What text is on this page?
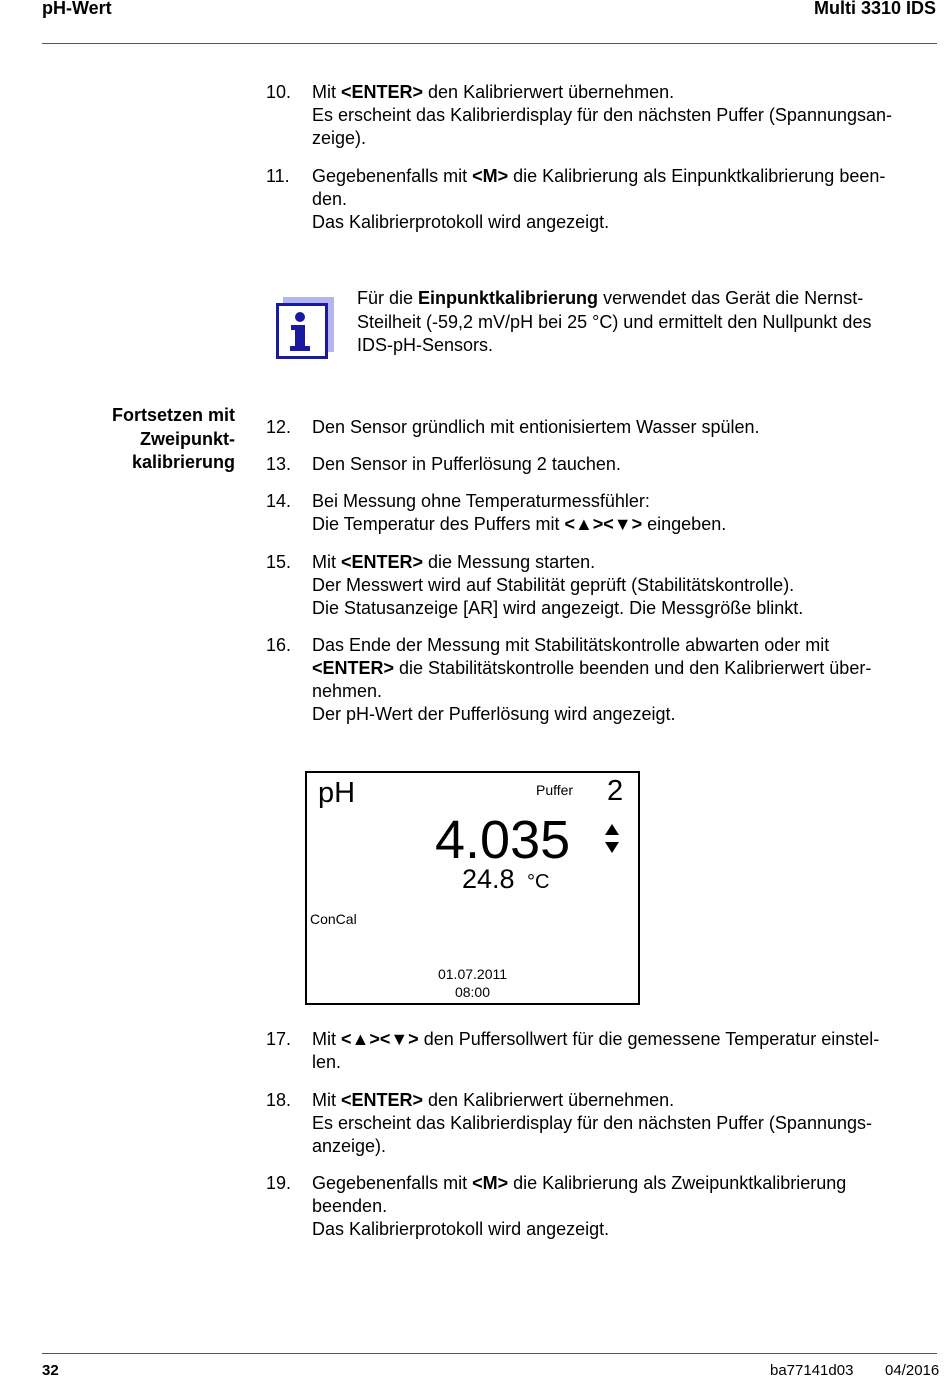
pH-Wert	Multi 3310 IDS
10.	Mit <ENTER> den Kalibrierwert übernehmen.
Es erscheint das Kalibrierdisplay für den nächsten Puffer (Spannungsan-
zeige).
11.	Gegebenenfalls mit <M> die Kalibrierung als Einpunktkalibrierung been-
den.
Das Kalibrierprotokoll wird angezeigt.
Für die Einpunktkalibrierung verwendet das Gerät die Nernst-
Steilheit (-59,2 mV/pH bei 25 °C) und ermittelt den Nullpunkt des
IDS-pH-Sensors.
Fortsetzen mit
Zweipunkt-
kalibrierung
12.	Den Sensor gründlich mit entionisiertem Wasser spülen.
13.	Den Sensor in Pufferlösung 2 tauchen.
14.	Bei Messung ohne Temperaturmessfühler:
Die Temperatur des Puffers mit <▲><▼> eingeben.
15.	Mit <ENTER> die Messung starten.
Der Messwert wird auf Stabilität geprüft (Stabilitätskontrolle).
Die Statusanzeige [AR] wird angezeigt. Die Messgröße blinkt.
16.	Das Ende der Messung mit Stabilitätskontrolle abwarten oder mit
<ENTER> die Stabilitätskontrolle beenden und den Kalibrierwert über-
nehmen.
Der pH-Wert der Pufferlösung wird angezeigt.
pH	Puffer 2
4.035
24.8 °C
ConCal
01.07.2011
08:00
17.	Mit <▲><▼> den Puffersollwert für die gemessene Temperatur einstel-
len.
18.	Mit <ENTER> den Kalibrierwert übernehmen.
Es erscheint das Kalibrierdisplay für den nächsten Puffer (Spannungs-
anzeige).
19.	Gegebenenfalls mit <M> die Kalibrierung als Zweipunktkalibrierung
beenden.
Das Kalibrierprotokoll wird angezeigt.
32	ba77141d03 04/2016
